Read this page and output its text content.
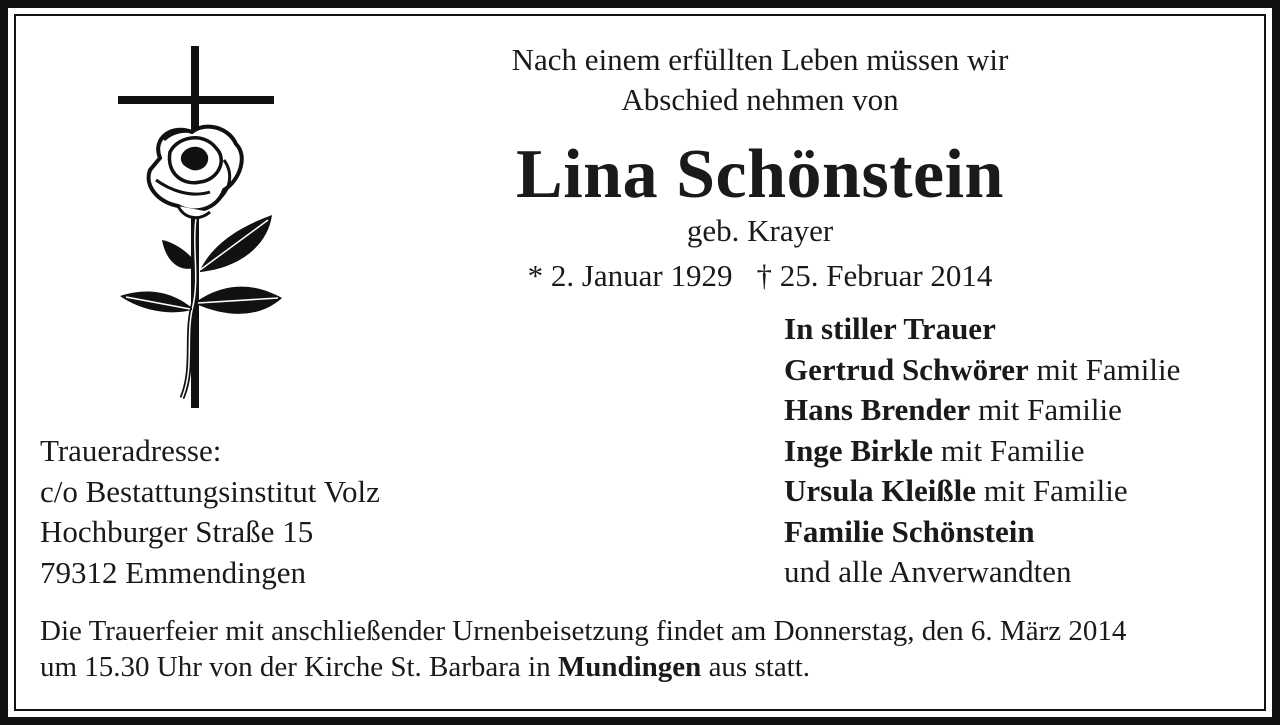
Nach einem erfüllten Leben müssen wir
Abschied nehmen von
Lina Schönstein
geb. Krayer
* 2. Januar 1929 † 25. Februar 2014
Traueradresse:
c/o Bestattungsinstitut Volz
Hochburger Straße 15
79312 Emmendingen
In stiller Trauer
Gertrud Schwörer mit Familie
Hans Brender mit Familie
Inge Birkle mit Familie
Ursula Kleißle mit Familie
Familie Schönstein
und alle Anverwandten
Die Trauerfeier mit anschließender Urnenbeisetzung findet am Donnerstag, den 6. März 2014
um 15.30 Uhr von der Kirche St. Barbara in Mundingen aus statt.
